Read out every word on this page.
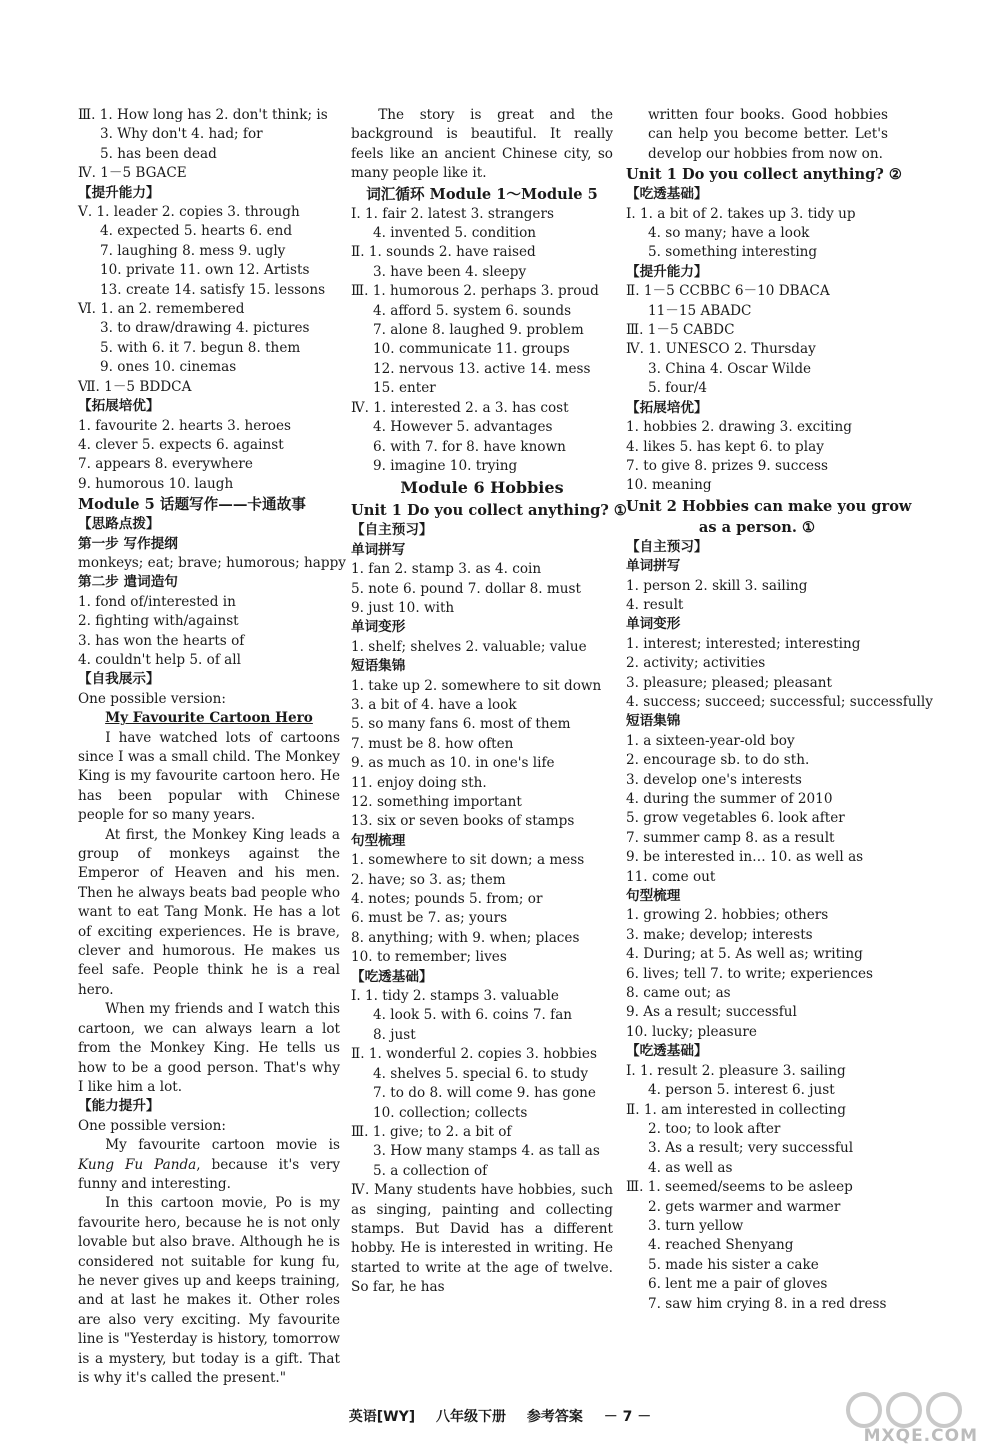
Ⅲ. 1. How long has 2. don't think; is
3. Why don't 4. had; for
5. has been dead
Ⅳ. 1－5 BGACE
【提升能力】
Ⅴ. 1. leader 2. copies 3. through
4. expected 5. hearts 6. end
7. laughing 8. mess 9. ugly
10. private 11. own 12. Artists
13. create 14. satisfy 15. lessons
Ⅵ. 1. an 2. remembered
3. to draw/drawing 4. pictures
5. with 6. it 7. begun 8. them
9. ones 10. cinemas
Ⅶ. 1－5 BDDCA
【拓展培优】
1. favourite 2. hearts 3. heroes
4. clever 5. expects 6. against
7. appears 8. everywhere
9. humorous 10. laugh
Module 5 话题写作——卡通故事
【思路点拨】
第一步 写作提纲
monkeys; eat; brave; humorous; happy
第二步 遣词造句
1. fond of/interested in
2. fighting with/against
3. has won the hearts of
4. couldn't help 5. of all
【自我展示】
One possible version:
My Favourite Cartoon Hero
I have watched lots of cartoons since I was a small child. The Monkey King is my favourite cartoon hero. He has been popular with Chinese people for so many years.
At first, the Monkey King leads a group of monkeys against the Emperor of Heaven and his men. Then he always beats bad people who want to eat Tang Monk. He has a lot of exciting experiences. He is brave, clever and humorous. He makes us feel safe. People think he is a real hero.
When my friends and I watch this cartoon, we can always learn a lot from the Monkey King. He tells us how to be a good person. That's why I like him a lot.
【能力提升】
One possible version:
My favourite cartoon movie is Kung Fu Panda, because it's very funny and interesting.
In this cartoon movie, Po is my favourite hero, because he is not only lovable but also brave. Although he is considered not suitable for kung fu, he never gives up and keeps training, and at last he makes it. Other roles are also very exciting. My favourite line is "Yesterday is history, tomorrow is a mystery, but today is a gift. That is why it's called the present."
The story is great and the background is beautiful. It really feels like an ancient Chinese city, so many people like it.
词汇循环 Module 1～Module 5
Ⅰ. 1. fair 2. latest 3. strangers
4. invented 5. condition
Ⅱ. 1. sounds 2. have raised
3. have been 4. sleepy
Ⅲ. 1. humorous 2. perhaps 3. proud
4. afford 5. system 6. sounds
7. alone 8. laughed 9. problem
10. communicate 11. groups
12. nervous 13. active 14. mess
15. enter
Ⅳ. 1. interested 2. a 3. has cost
4. However 5. advantages
6. with 7. for 8. have known
9. imagine 10. trying
Module 6 Hobbies
Unit 1 Do you collect anything? ①
【自主预习】
单词拼写
1. fan 2. stamp 3. as 4. coin
5. note 6. pound 7. dollar 8. must
9. just 10. with
单词变形
1. shelf; shelves 2. valuable; value
短语集锦
1. take up 2. somewhere to sit down
3. a bit of 4. have a look
5. so many fans 6. most of them
7. must be 8. how often
9. as much as 10. in one's life
11. enjoy doing sth.
12. something important
13. six or seven books of stamps
句型梳理
1. somewhere to sit down; a mess
2. have; so 3. as; them
4. notes; pounds 5. from; or
6. must be 7. as; yours
8. anything; with 9. when; places
10. to remember; lives
【吃透基础】
Ⅰ. 1. tidy 2. stamps 3. valuable
4. look 5. with 6. coins 7. fan
8. just
Ⅱ. 1. wonderful 2. copies 3. hobbies
4. shelves 5. special 6. to study
7. to do 8. will come 9. has gone
10. collection; collects
Ⅲ. 1. give; to 2. a bit of
3. How many stamps 4. as tall as
5. a collection of
Ⅳ. Many students have hobbies, such as singing, painting and collecting stamps. But David has a different hobby. He is interested in writing. He started to write at the age of twelve. So far, he has
written four books. Good hobbies can help you become better. Let's develop our hobbies from now on.
Unit 1 Do you collect anything? ②
【吃透基础】
Ⅰ. 1. a bit of 2. takes up 3. tidy up
4. so many; have a look
5. something interesting
【提升能力】
Ⅱ. 1－5 CCBBC 6－10 DBACA
11－15 ABADC
Ⅲ. 1－5 CABDC
Ⅳ. 1. UNESCO 2. Thursday
3. China 4. Oscar Wilde
5. four/4
【拓展培优】
1. hobbies 2. drawing 3. exciting
4. likes 5. has kept 6. to play
7. to give 8. prizes 9. success
10. meaning
Unit 2 Hobbies can make you grow
as a person. ①
【自主预习】
单词拼写
1. person 2. skill 3. sailing
4. result
单词变形
1. interest; interested; interesting
2. activity; activities
3. pleasure; pleased; pleasant
4. success; succeed; successful; successfully
短语集锦
1. a sixteen-year-old boy
2. encourage sb. to do sth.
3. develop one's interests
4. during the summer of 2010
5. grow vegetables 6. look after
7. summer camp 8. as a result
9. be interested in… 10. as well as
11. come out
句型梳理
1. growing 2. hobbies; others
3. make; develop; interests
4. During; at 5. As well as; writing
6. lives; tell 7. to write; experiences
8. came out; as
9. As a result; successful
10. lucky; pleasure
【吃透基础】
Ⅰ. 1. result 2. pleasure 3. sailing
4. person 5. interest 6. just
Ⅱ. 1. am interested in collecting
2. too; to look after
3. As a result; very successful
4. as well as
Ⅲ. 1. seemed/seems to be asleep
2. gets warmer and warmer
3. turn yellow
4. reached Shenyang
5. made his sister a cake
6. lent me a pair of gloves
7. saw him crying 8. in a red dress
英语[WY] 八年级下册 参考答案 － 7 －
MXQE.COM
